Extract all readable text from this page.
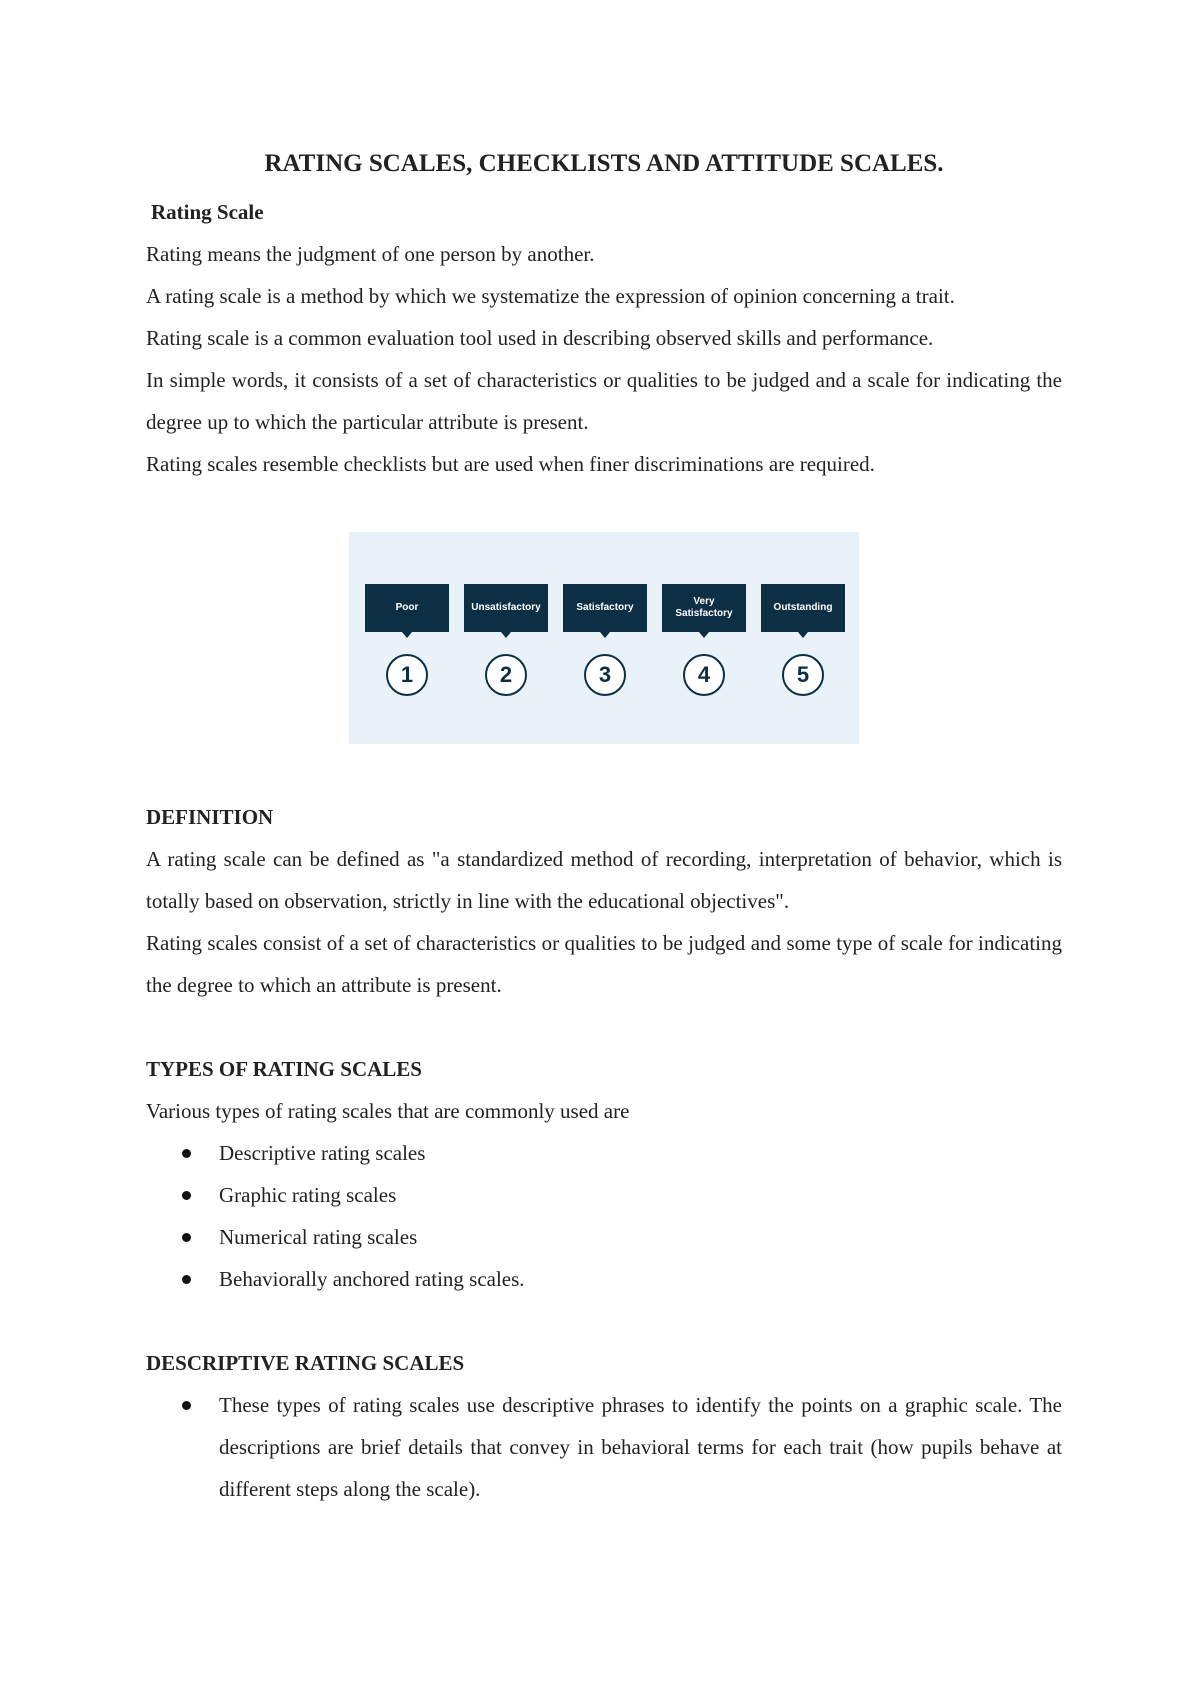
RATING SCALES, CHECKLISTS AND ATTITUDE SCALES.
Rating Scale

Rating means the judgment of one person by another.

A rating scale is a method by which we systematize the expression of opinion concerning a trait.

Rating scale is a common evaluation tool used in describing observed skills and performance.

In simple words, it consists of a set of characteristics or qualities to be judged and a scale for indicating the degree up to which the particular attribute is present.

Rating scales resemble checklists but are used when finer discriminations are required.

Poor
1
Unsatisfactory
2
Satisfactory
3
Very Satisfactory
4
Outstanding
5
DEFINITION

A rating scale can be defined as "a standardized method of recording, interpretation of behavior, which is totally based on observation, strictly in line with the educational objectives".

Rating scales consist of a set of characteristics or qualities to be judged and some type of scale for indicating the degree to which an attribute is present.

TYPES OF RATING SCALES

Various types of rating scales that are commonly used are

Descriptive rating scales
Graphic rating scales
Numerical rating scales
Behaviorally anchored rating scales.
DESCRIPTIVE RATING SCALES
These types of rating scales use descriptive phrases to identify the points on a graphic scale. The descriptions are brief details that convey in behavioral terms for each trait (how pupils behave at different steps along the scale).
